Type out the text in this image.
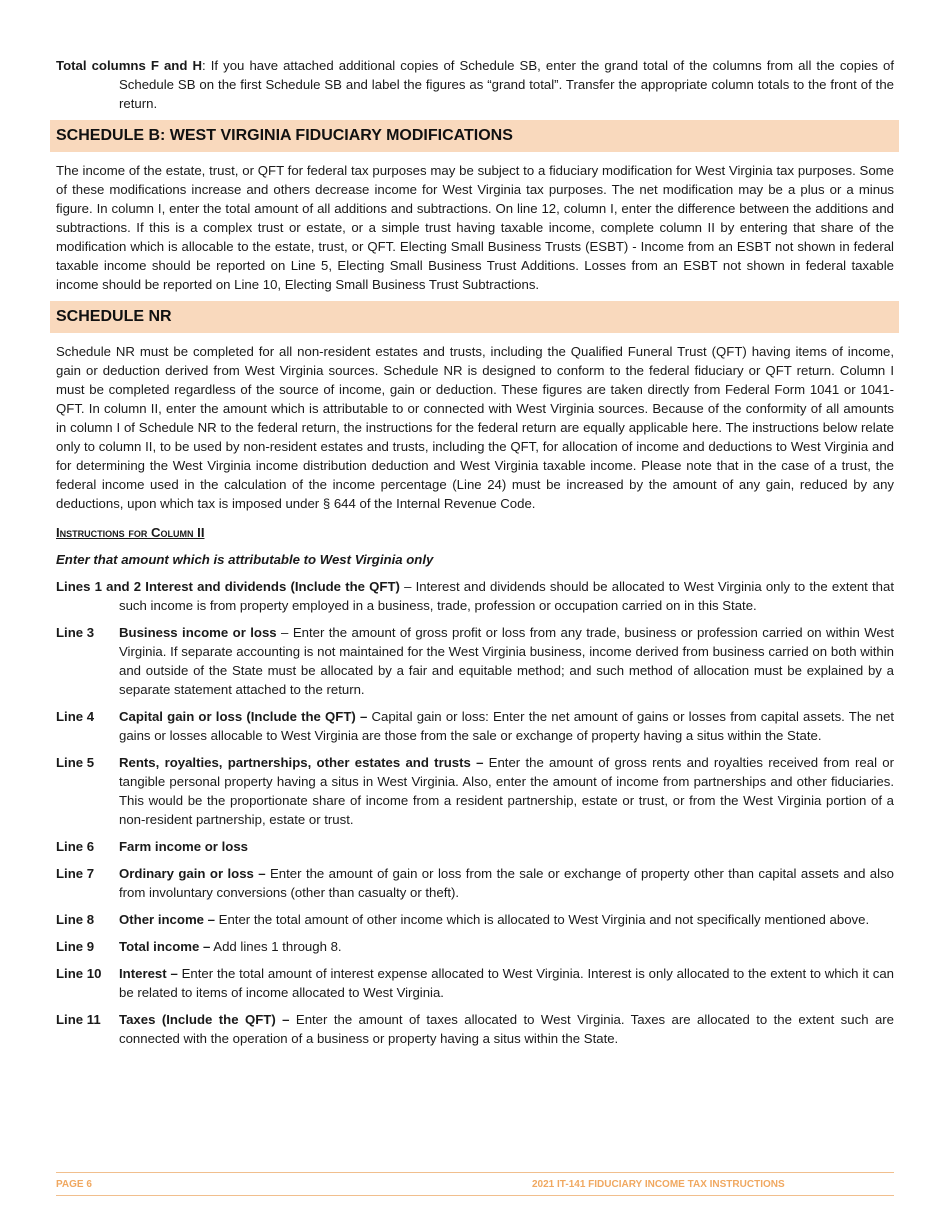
Total columns F and H: If you have attached additional copies of Schedule SB, enter the grand total of the columns from all the copies of Schedule SB on the first Schedule SB and label the figures as “grand total”. Transfer the appropriate column totals to the front of the return.

SCHEDULE B: WEST VIRGINIA FIDUCIARY MODIFICATIONS

The income of the estate, trust, or QFT for federal tax purposes may be subject to a fiduciary modification for West Virginia tax purposes. Some of these modifications increase and others decrease income for West Virginia tax purposes. The net modification may be a plus or a minus figure. In column I, enter the total amount of all additions and subtractions. On line 12, column I, enter the difference between the additions and subtractions. If this is a complex trust or estate, or a simple trust having taxable income, complete column II by entering that share of the modification which is allocable to the estate, trust, or QFT. Electing Small Business Trusts (ESBT) - Income from an ESBT not shown in federal taxable income should be reported on Line 5, Electing Small Business Trust Additions. Losses from an ESBT not shown in federal taxable income should be reported on Line 10, Electing Small Business Trust Subtractions.

SCHEDULE NR

Schedule NR must be completed for all non-resident estates and trusts, including the Qualified Funeral Trust (QFT) having items of income, gain or deduction derived from West Virginia sources. Schedule NR is designed to conform to the federal fiduciary or QFT return. Column I must be completed regardless of the source of income, gain or deduction. These figures are taken directly from Federal Form 1041 or 1041-QFT. In column II, enter the amount which is attributable to or connected with West Virginia sources. Because of the conformity of all amounts in column I of Schedule NR to the federal return, the instructions for the federal return are equally applicable here. The instructions below relate only to column II, to be used by non-resident estates and trusts, including the QFT, for allocation of income and deductions to West Virginia and for determining the West Virginia income distribution deduction and West Virginia taxable income. Please note that in the case of a trust, the federal income used in the calculation of the income percentage (Line 24) must be increased by the amount of any gain, reduced by any deductions, upon which tax is imposed under § 644 of the Internal Revenue Code.

Instructions for Column II
Enter that amount which is attributable to West Virginia only

Lines 1 and 2 Interest and dividends (Include the QFT) – Interest and dividends should be allocated to West Virginia only to the extent that such income is from property employed in a business, trade, profession or occupation carried on in this State.

Line 3	Business income or loss – Enter the amount of gross profit or loss from any trade, business or profession carried on within West Virginia. If separate accounting is not maintained for the West Virginia business, income derived from business carried on both within and outside of the State must be allocated by a fair and equitable method; and such method of allocation must be explained by a separate statement attached to the return.
Line 4	Capital gain or loss (Include the QFT) – Capital gain or loss: Enter the net amount of gains or losses from capital assets. The net gains or losses allocable to West Virginia are those from the sale or exchange of property having a situs within the State.
Line 5	Rents, royalties, partnerships, other estates and trusts – Enter the amount of gross rents and royalties received from real or tangible personal property having a situs in West Virginia. Also, enter the amount of income from partnerships and other fiduciaries. This would be the proportionate share of income from a resident partnership, estate or trust, or from the West Virginia portion of a non-resident partnership, estate or trust.
Line 6	Farm income or loss
Line 7	Ordinary gain or loss – Enter the amount of gain or loss from the sale or exchange of property other than capital assets and also from involuntary conversions (other than casualty or theft).
Line 8	Other income – Enter the total amount of other income which is allocated to West Virginia and not specifically mentioned above.
Line 9	Total income – Add lines 1 through 8.
Line 10	Interest – Enter the total amount of interest expense allocated to West Virginia. Interest is only allocated to the extent to which it can be related to items of income allocated to West Virginia.
Line 11	Taxes (Include the QFT) – Enter the amount of taxes allocated to West Virginia. Taxes are allocated to the extent such are connected with the operation of a business or property having a situs within the State.
PAGE 6	2021 IT-141 FIDUCIARY INCOME TAX INSTRUCTIONS
